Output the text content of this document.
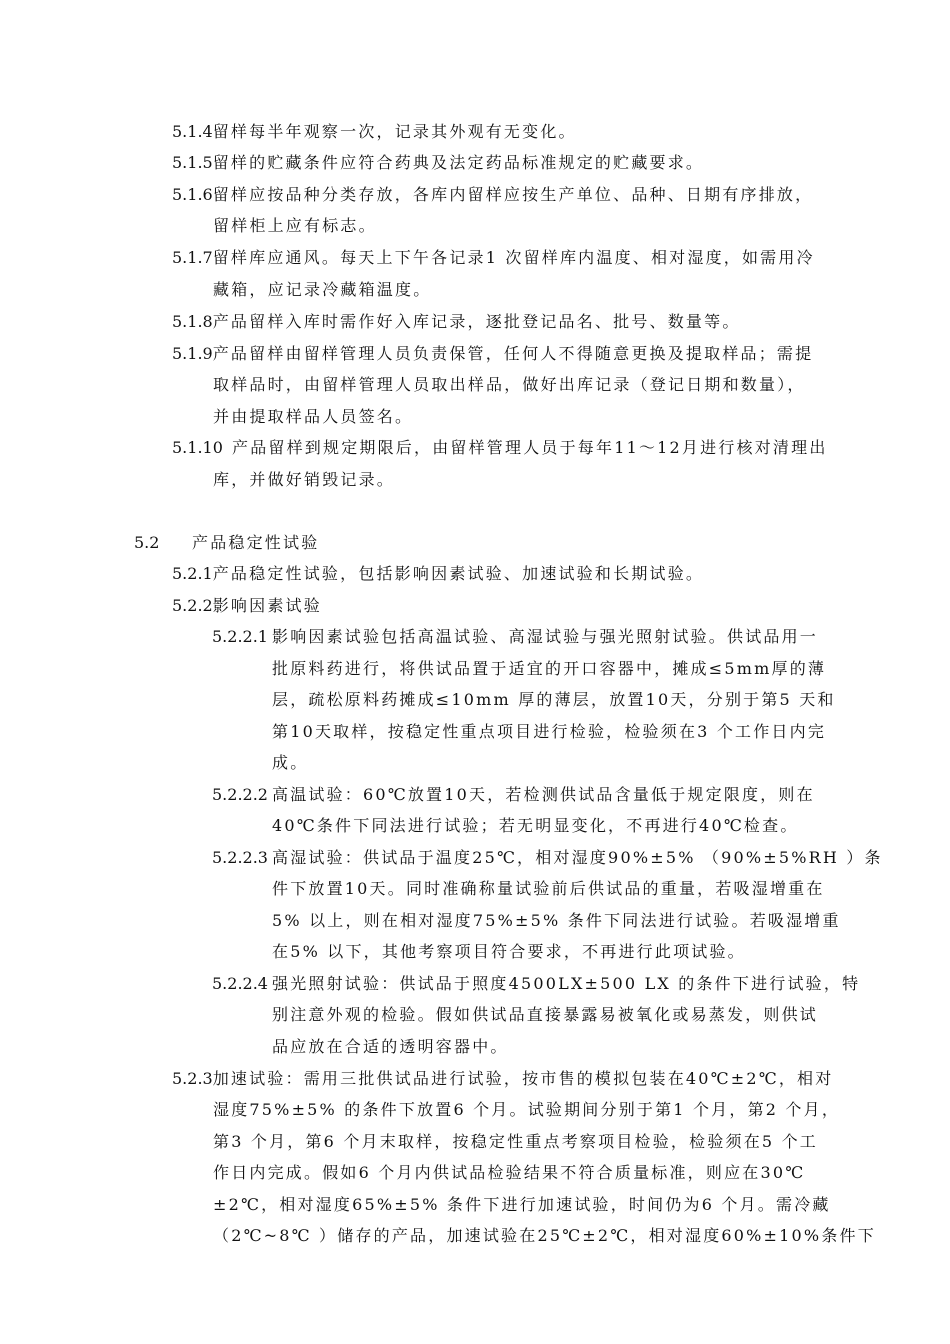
5.1.4留样每半年观察一次，记录其外观有无变化。
5.1.5留样的贮藏条件应符合药典及法定药品标准规定的贮藏要求。
5.1.6留样应按品种分类存放，各库内留样应按生产单位、品种、日期有序排放，
留样柜上应有标志。
5.1.7留样库应通风。每天上下午各记录1 次留样库内温度、相对湿度，如需用冷
藏箱，应记录冷藏箱温度。
5.1.8产品留样入库时需作好入库记录，逐批登记品名、批号、数量等。
5.1.9产品留样由留样管理人员负责保管，任何人不得随意更换及提取样品；需提
取样品时，由留样管理人员取出样品，做好出库记录（登记日期和数量），
并由提取样品人员签名。
5.1.10 产品留样到规定期限后，由留样管理人员于每年11～12月进行核对清理出
库，并做好销毁记录。
5.2 产品稳定性试验
5.2.1产品稳定性试验，包括影响因素试验、加速试验和长期试验。
5.2.2影响因素试验
5.2.2.1 影响因素试验包括高温试验、高湿试验与强光照射试验。供试品用一
批原料药进行，将供试品置于适宜的开口容器中，摊成≤5mm厚的薄
层，疏松原料药摊成≤10mm 厚的薄层，放置10天，分别于第5 天和
第10天取样，按稳定性重点项目进行检验，检验须在3 个工作日内完
成。
5.2.2.2 高温试验：60℃放置10天，若检测供试品含量低于规定限度，则在
40℃条件下同法进行试验；若无明显变化，不再进行40℃检查。
5.2.2.3 高湿试验：供试品于温度25℃，相对湿度90%±5% （90%±5%RH ）条
件下放置10天。同时准确称量试验前后供试品的重量，若吸湿增重在
5% 以上，则在相对湿度75%±5% 条件下同法进行试验。若吸湿增重
在5% 以下，其他考察项目符合要求，不再进行此项试验。
5.2.2.4 强光照射试验：供试品于照度4500LX±500 LX 的条件下进行试验，特
别注意外观的检验。假如供试品直接暴露易被氧化或易蒸发，则供试
品应放在合适的透明容器中。
5.2.3加速试验：需用三批供试品进行试验，按市售的模拟包装在40℃±2℃，相对
湿度75%±5% 的条件下放置6 个月。试验期间分别于第1 个月，第2 个月，
第3 个月，第6 个月末取样，按稳定性重点考察项目检验，检验须在5 个工
作日内完成。假如6 个月内供试品检验结果不符合质量标准，则应在30℃
±2℃，相对湿度65%±5% 条件下进行加速试验，时间仍为6 个月。需冷藏
（2℃~8℃ ）储存的产品，加速试验在25℃±2℃，相对湿度60%±10%条件下
